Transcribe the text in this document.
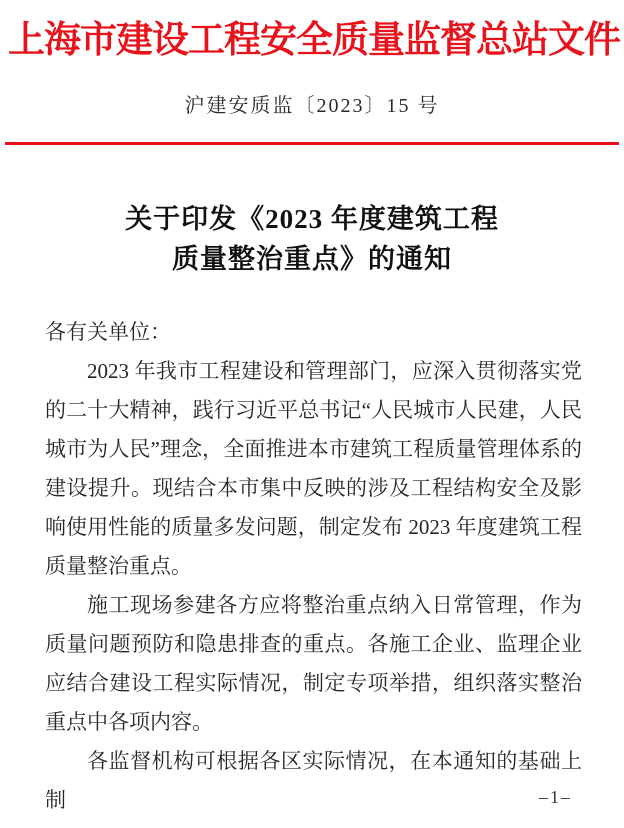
上海市建设工程安全质量监督总站文件
沪建安质监〔2023〕15 号
关于印发《2023 年度建筑工程
质量整治重点》的通知

各有关单位：

2023 年我市工程建设和管理部门，应深入贯彻落实党的二十大精神，践行习近平总书记“人民城市人民建，人民城市为人民”理念，全面推进本市建筑工程质量管理体系的建设提升。现结合本市集中反映的涉及工程结构安全及影响使用性能的质量多发问题，制定发布 2023 年度建筑工程质量整治重点。

施工现场参建各方应将整治重点纳入日常管理，作为质量问题预防和隐患排查的重点。各施工企业、监理企业应结合建设工程实际情况，制定专项举措，组织落实整治重点中各项内容。

各监督机构可根据各区实际情况，在本通知的基础上制	–1–
